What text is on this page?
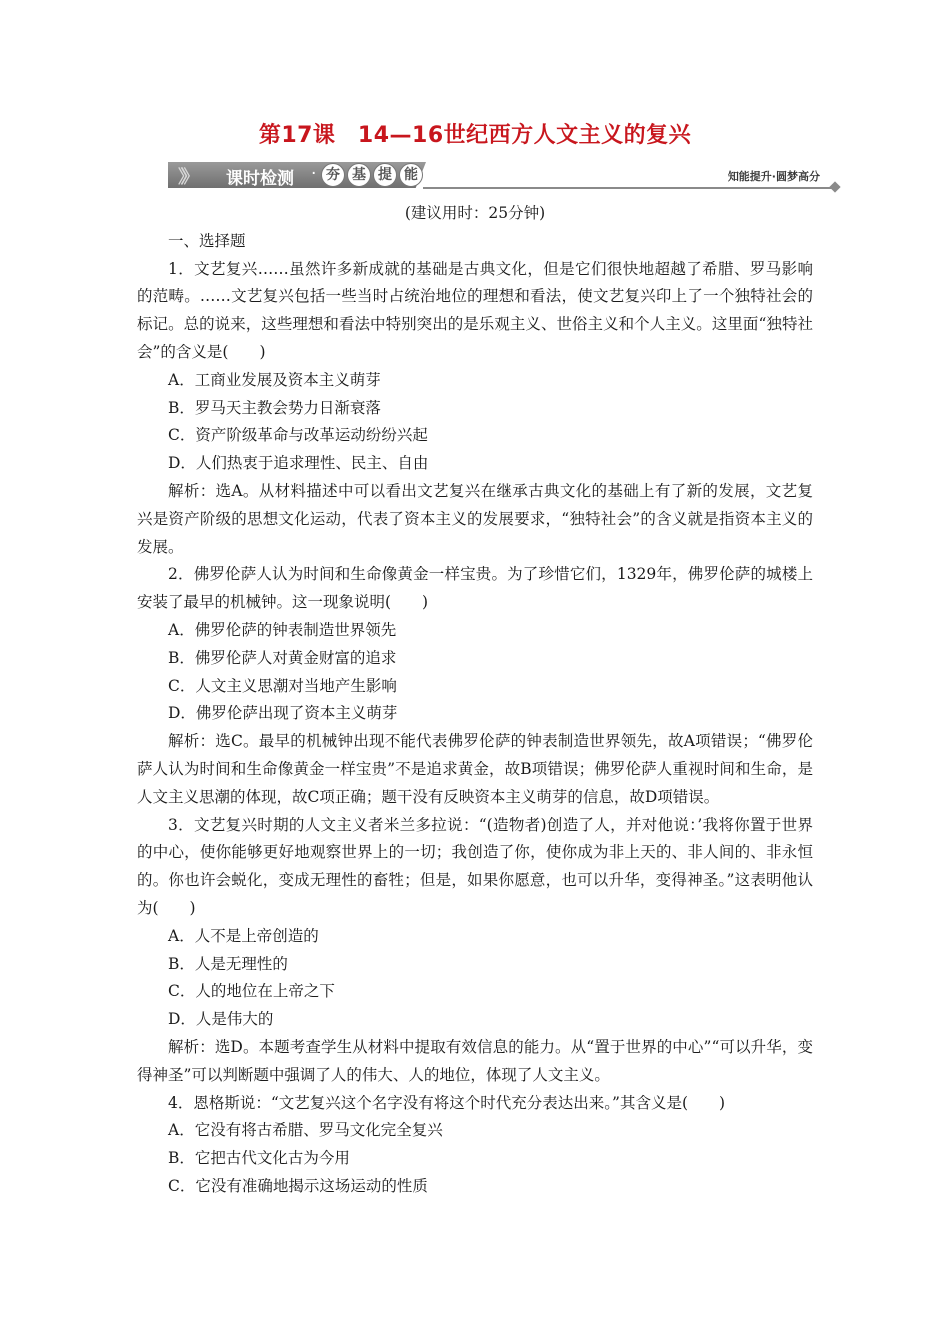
第17课　14—16世纪西方人文主义的复兴
》》 课时检测 · 夯 基 提 能	知能提升·圆梦高分

(建议用时：25分钟)

一、选择题

1．文艺复兴……虽然许多新成就的基础是古典文化，但是它们很快地超越了希腊、罗马影响的范畴。……文艺复兴包括一些当时占统治地位的理想和看法，使文艺复兴印上了一个独特社会的标记。总的说来，这些理想和看法中特别突出的是乐观主义、世俗主义和个人主义。这里面“独特社会”的含义是(　　)

A．工商业发展及资本主义萌芽

B．罗马天主教会势力日渐衰落

C．资产阶级革命与改革运动纷纷兴起

D．人们热衷于追求理性、民主、自由

解析：选A。从材料描述中可以看出文艺复兴在继承古典文化的基础上有了新的发展，文艺复兴是资产阶级的思想文化运动，代表了资本主义的发展要求，“独特社会”的含义就是指资本主义的发展。

2．佛罗伦萨人认为时间和生命像黄金一样宝贵。为了珍惜它们，1329年，佛罗伦萨的城楼上安装了最早的机械钟。这一现象说明(　　)

A．佛罗伦萨的钟表制造世界领先

B．佛罗伦萨人对黄金财富的追求

C．人文主义思潮对当地产生影响

D．佛罗伦萨出现了资本主义萌芽

解析：选C。最早的机械钟出现不能代表佛罗伦萨的钟表制造世界领先，故A项错误；“佛罗伦萨人认为时间和生命像黄金一样宝贵”不是追求黄金，故B项错误；佛罗伦萨人重视时间和生命，是人文主义思潮的体现，故C项正确；题干没有反映资本主义萌芽的信息，故D项错误。

3．文艺复兴时期的人文主义者米兰多拉说：“(造物者)创造了人，并对他说：’我将你置于世界的中心，使你能够更好地观察世界上的一切；我创造了你，使你成为非上天的、非人间的、非永恒的。你也许会蜕化，变成无理性的畜牲；但是，如果你愿意，也可以升华，变得神圣。”这表明他认为(　　)

A．人不是上帝创造的

B．人是无理性的

C．人的地位在上帝之下

D．人是伟大的

解析：选D。本题考查学生从材料中提取有效信息的能力。从“置于世界的中心”“可以升华，变得神圣”可以判断题中强调了人的伟大、人的地位，体现了人文主义。

4．恩格斯说：“文艺复兴这个名字没有将这个时代充分表达出来。”其含义是(　　)

A．它没有将古希腊、罗马文化完全复兴

B．它把古代文化古为今用

C．它没有准确地揭示这场运动的性质
